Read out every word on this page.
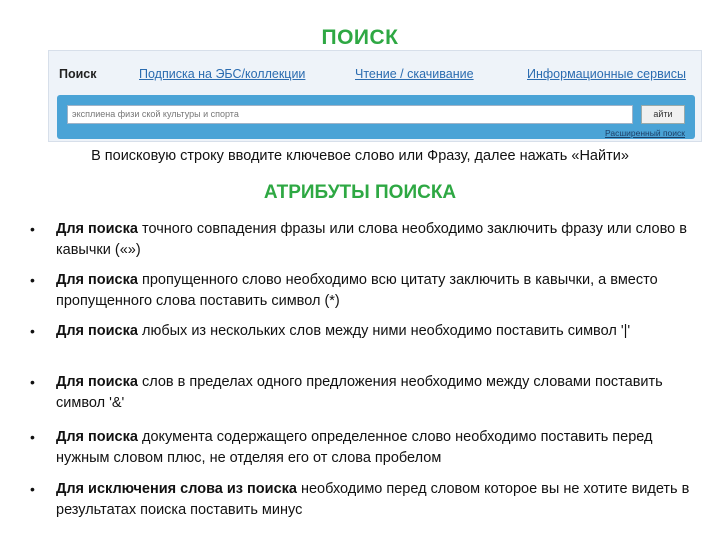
ПОИСК
Поиск	Подписка на ЭБС/коллекции	Чтение / скачивание	Информационные сервисы
эксплиена физи ской культуры и спорта	айти
Расширенный поиск
В поисковую строку вводите ключевое слово или Фразу, далее нажать «Найти»
АТРИБУТЫ ПОИСКА
• Для поиска точного совпадения фразы или слова необходимо заключить фразу или слово в кавычки («»)
• Для поиска пропущенного слово необходимо всю цитату заключить в кавычки, а вместо пропущенного слова поставить символ (*)
• Для поиска любых из нескольких слов между ними необходимо поставить символ '|'
• Для поиска слов в пределах одного предложения необходимо между словами поставить символ '&'
• Для поиска документа содержащего определенное слово необходимо поставить перед нужным словом плюс, не отделяя его от слова пробелом
• Для исключения слова из поиска необходимо перед словом которое вы не хотите видеть в результатах поиска поставить минус
